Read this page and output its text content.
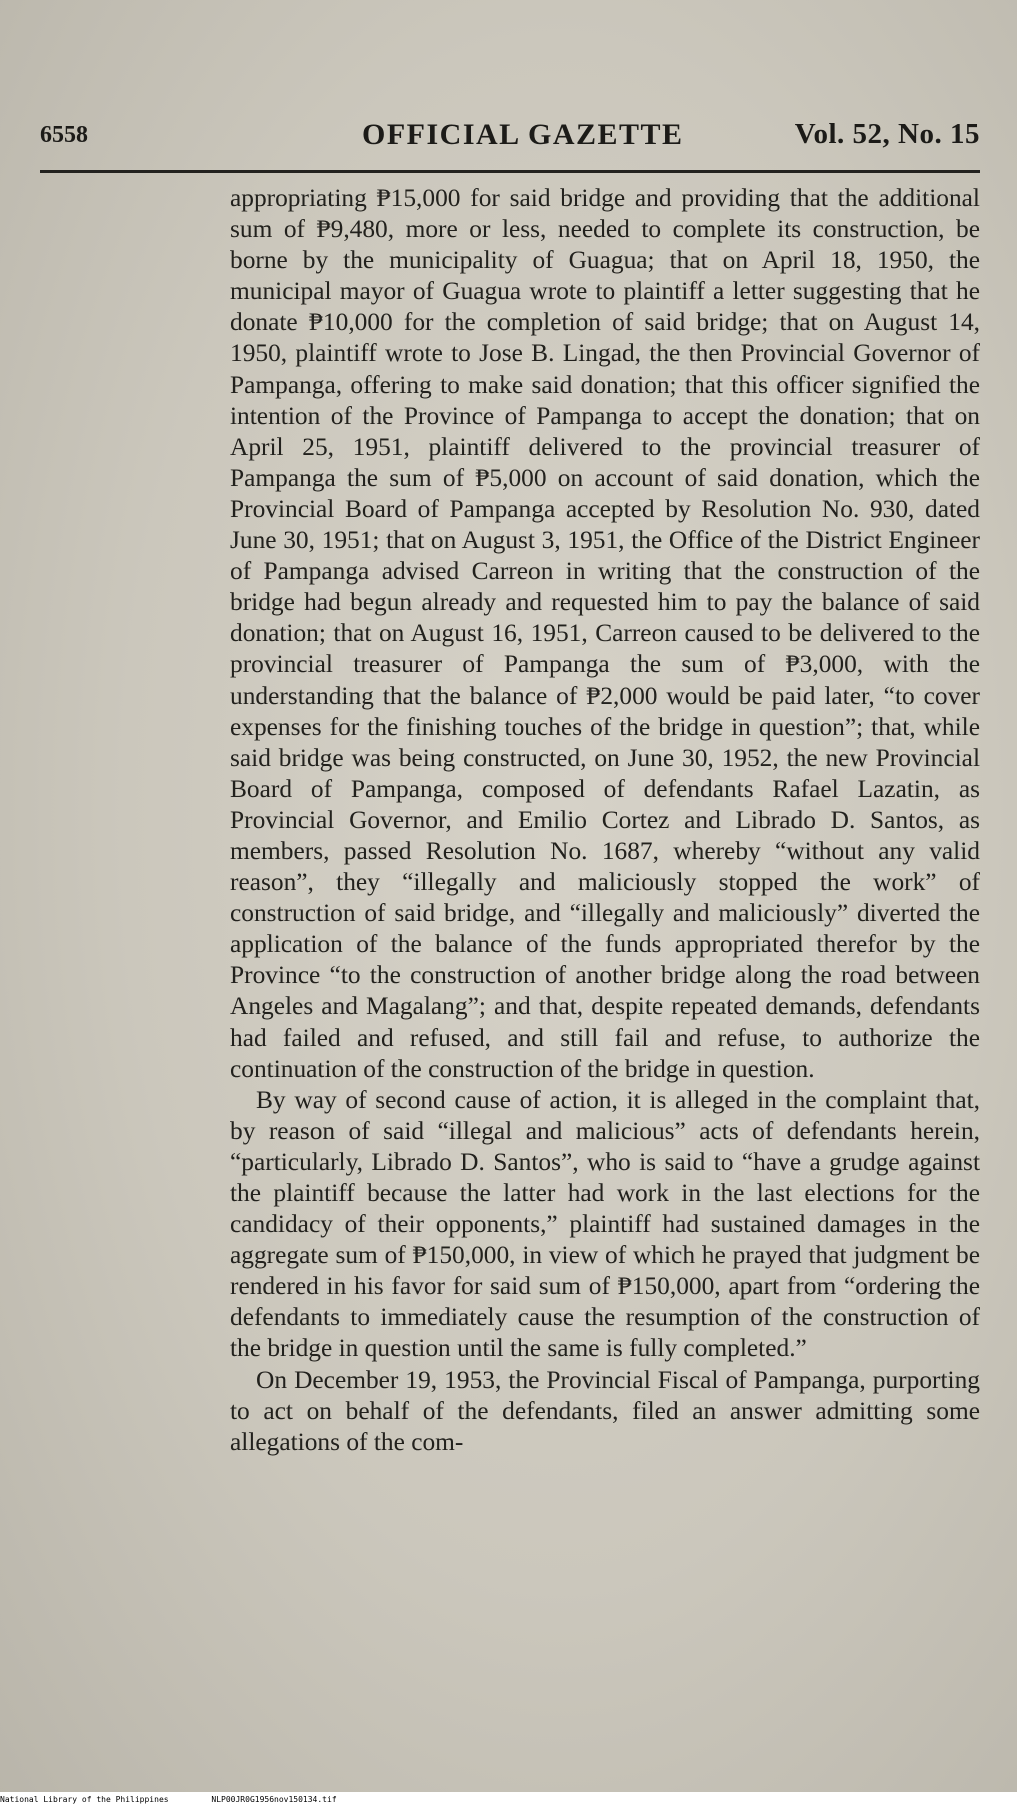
6558	OFFICIAL GAZETTE	Vol. 52, No. 15

appropriating ₱15,000 for said bridge and providing that the additional sum of ₱9,480, more or less, needed to complete its construction, be borne by the municipality of Guagua; that on April 18, 1950, the municipal mayor of Guagua wrote to plaintiff a letter suggesting that he donate ₱10,000 for the completion of said bridge; that on August 14, 1950, plaintiff wrote to Jose B. Lingad, the then Provincial Governor of Pampanga, offering to make said donation; that this officer signified the intention of the Province of Pampanga to accept the donation; that on April 25, 1951, plaintiff delivered to the provincial treasurer of Pampanga the sum of ₱5,000 on account of said donation, which the Provincial Board of Pampanga accepted by Resolution No. 930, dated June 30, 1951; that on August 3, 1951, the Office of the District Engineer of Pampanga advised Carreon in writing that the construction of the bridge had begun already and requested him to pay the balance of said donation; that on August 16, 1951, Carreon caused to be delivered to the provincial treasurer of Pampanga the sum of ₱3,000, with the understanding that the balance of ₱2,000 would be paid later, “to cover expenses for the finishing touches of the bridge in question”; that, while said bridge was being constructed, on June 30, 1952, the new Provincial Board of Pampanga, composed of defendants Rafael Lazatin, as Provincial Governor, and Emilio Cortez and Librado D. Santos, as members, passed Resolution No. 1687, whereby “without any valid reason”, they “illegally and maliciously stopped the work” of construction of said bridge, and “illegally and maliciously” diverted the application of the balance of the funds appropriated therefor by the Province “to the construction of another bridge along the road between Angeles and Magalang”; and that, despite repeated demands, defendants had failed and refused, and still fail and refuse, to authorize the continuation of the construction of the bridge in question.

By way of second cause of action, it is alleged in the complaint that, by reason of said “illegal and malicious” acts of defendants herein, “particularly, Librado D. Santos”, who is said to “have a grudge against the plaintiff because the latter had work in the last elections for the candidacy of their opponents,” plaintiff had sustained damages in the aggregate sum of ₱150,000, in view of which he prayed that judgment be rendered in his favor for said sum of ₱150,000, apart from “ordering the defendants to immediately cause the resumption of the construction of the bridge in question until the same is fully completed.”

On December 19, 1953, the Provincial Fiscal of Pampanga, purporting to act on behalf of the defendants, filed an answer admitting some allegations of the com-

National Library of the Philippines	NLP00JR0G1956nov150134.tif
